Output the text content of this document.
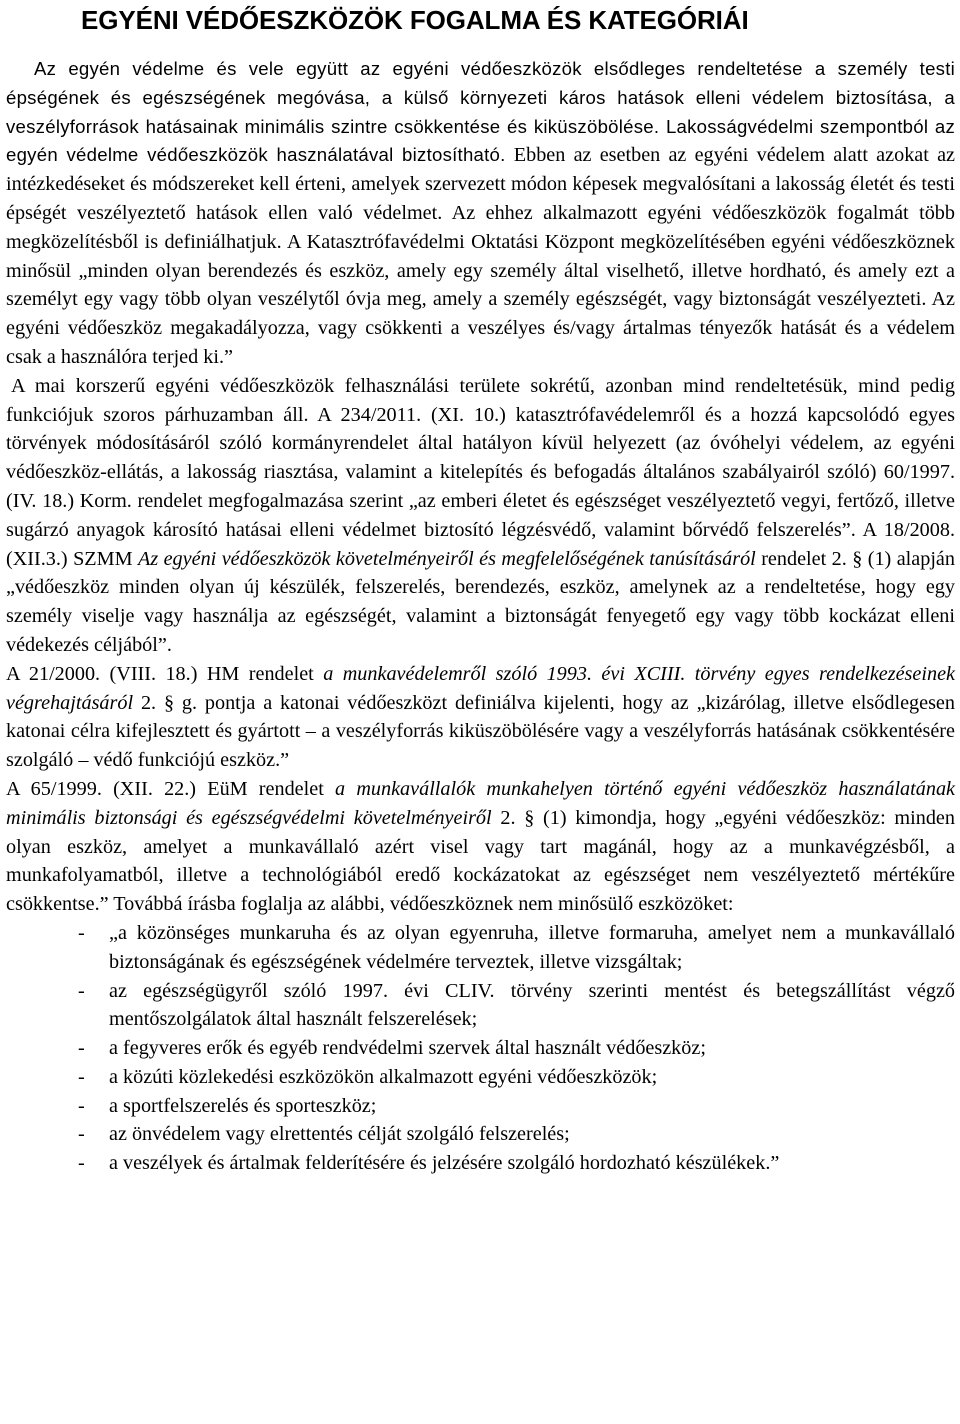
EGYÉNI VÉDŐESZKÖZÖK FOGALMA ÉS KATEGÓRIÁI

Az egyén védelme és vele együtt az egyéni védőeszközök elsődleges rendeltetése a személy testi épségének és egészségének megóvása, a külső környezeti káros hatások elleni védelem biztosítása, a veszélyforrások hatásainak minimális szintre csökkentése és kiküszöbölése. Lakosságvédelmi szempontból az egyén védelme védőeszközök használatával biztosítható. Ebben az esetben az egyéni védelem alatt azokat az intézkedéseket és módszereket kell érteni, amelyek szervezett módon képesek megvalósítani a lakosság életét és testi épségét veszélyeztető hatások ellen való védelmet. Az ehhez alkalmazott egyéni védőeszközök fogalmát több megközelítésből is definiálhatjuk. A Katasztrófavédelmi Oktatási Központ megközelítésében egyéni védőeszköznek minősül „minden olyan berendezés és eszköz, amely egy személy által viselhető, illetve hordható, és amely ezt a személyt egy vagy több olyan veszélytől óvja meg, amely a személy egészségét, vagy biztonságát veszélyezteti. Az egyéni védőeszköz megakadályozza, vagy csökkenti a veszélyes és/vagy ártalmas tényezők hatását és a védelem csak a használóra terjed ki.”

A mai korszerű egyéni védőeszközök felhasználási területe sokrétű, azonban mind rendeltetésük, mind pedig funkciójuk szoros párhuzamban áll. A 234/2011. (XI. 10.) katasztrófavédelemről és a hozzá kapcsolódó egyes törvények módosításáról szóló kormányrendelet által hatályon kívül helyezett (az óvóhelyi védelem, az egyéni védőeszköz-ellátás, a lakosság riasztása, valamint a kitelepítés és befogadás általános szabályairól szóló) 60/1997. (IV. 18.) Korm. rendelet megfogalmazása szerint „az emberi életet és egészséget veszélyeztető vegyi, fertőző, illetve sugárzó anyagok károsító hatásai elleni védelmet biztosító légzésvédő, valamint bőrvédő felszerelés”. A 18/2008. (XII.3.) SZMM Az egyéni védőeszközök követelményeiről és megfelelőségének tanúsításáról rendelet 2. § (1) alapján „védőeszköz minden olyan új készülék, felszerelés, berendezés, eszköz, amelynek az a rendeltetése, hogy egy személy viselje vagy használja az egészségét, valamint a biztonságát fenyegető egy vagy több kockázat elleni védekezés céljából”.

A 21/2000. (VIII. 18.) HM rendelet a munkavédelemről szóló 1993. évi XCIII. törvény egyes rendelkezéseinek végrehajtásáról 2. § g. pontja a katonai védőeszközt definiálva kijelenti, hogy az „kizárólag, illetve elsődlegesen katonai célra kifejlesztett és gyártott – a veszélyforrás kiküszöbölésére vagy a veszélyforrás hatásának csökkentésére szolgáló – védő funkciójú eszköz.”

A 65/1999. (XII. 22.) EüM rendelet a munkavállalók munkahelyen történő egyéni védőeszköz használatának minimális biztonsági és egészségvédelmi követelményeiről 2. § (1) kimondja, hogy „egyéni védőeszköz: minden olyan eszköz, amelyet a munkavállaló azért visel vagy tart magánál, hogy az a munkavégzésből, a munkafolyamatból, illetve a technológiából eredő kockázatokat az egészséget nem veszélyeztető mértékűre csökkentse.” Továbbá írásba foglalja az alábbi, védőeszköznek nem minősülő eszközöket:

- „a közönséges munkaruha és az olyan egyenruha, illetve formaruha, amelyet nem a munkavállaló biztonságának és egészségének védelmére terveztek, illetve vizsgáltak;
- az egészségügyről szóló 1997. évi CLIV. törvény szerinti mentést és betegszállítást végző mentőszolgálatok által használt felszerelések;
- a fegyveres erők és egyéb rendvédelmi szervek által használt védőeszköz;
- a közúti közlekedési eszközökön alkalmazott egyéni védőeszközök;
- a sportfelszerelés és sporteszköz;
- az önvédelem vagy elrettentés célját szolgáló felszerelés;
- a veszélyek és ártalmak felderítésére és jelzésére szolgáló hordozható készülékek.”
